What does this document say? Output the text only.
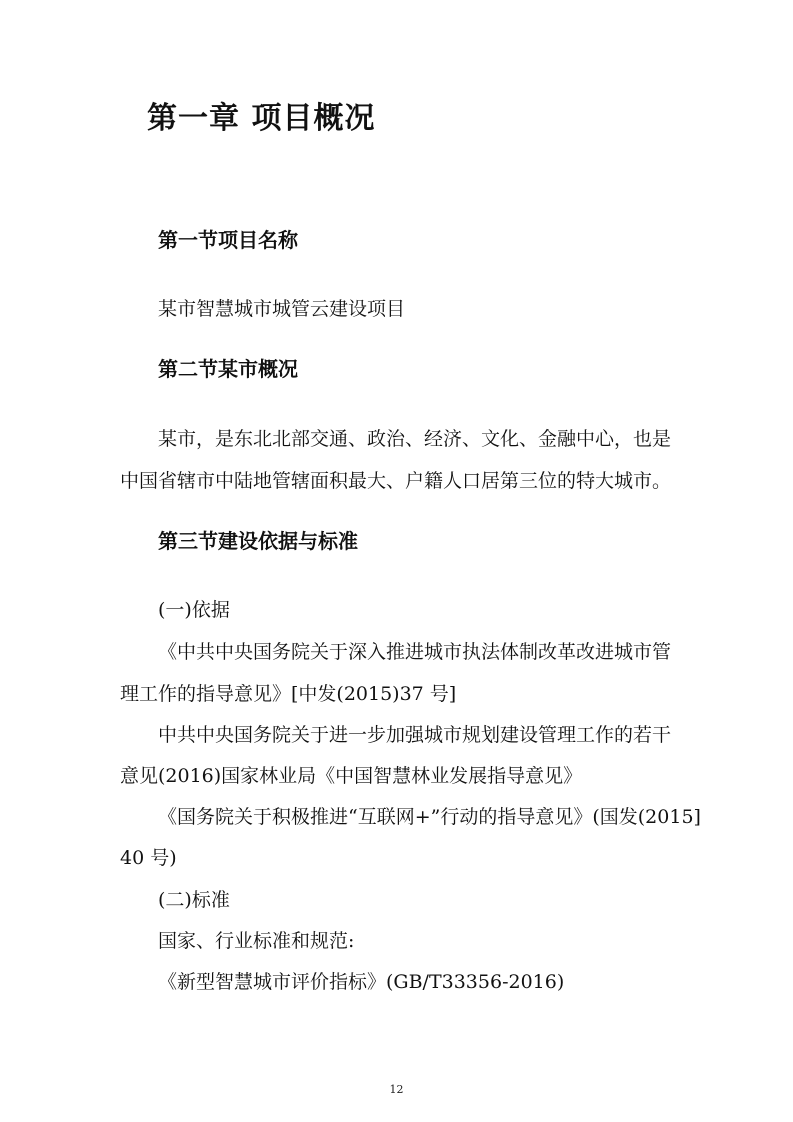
第一章 项目概况
第一节项目名称
某市智慧城市城管云建设项目
第二节某市概况
某市，是东北北部交通、政治、经济、文化、金融中心，也是
中国省辖市中陆地管辖面积最大、户籍人口居第三位的特大城市。
第三节建设依据与标准
(一)依据
《中共中央国务院关于深入推进城市执法体制改革改进城市管
理工作的指导意见》[中发(2015)37 号]
中共中央国务院关于进一步加强城市规划建设管理工作的若干
意见(2016)国家林业局《中国智慧林业发展指导意见》
《国务院关于积极推进“互联网+”行动的指导意见》(国发(2015]
40 号)
(二)标准
国家、行业标准和规范:
《新型智慧城市评价指标》(GB/T33356-2016)
12
